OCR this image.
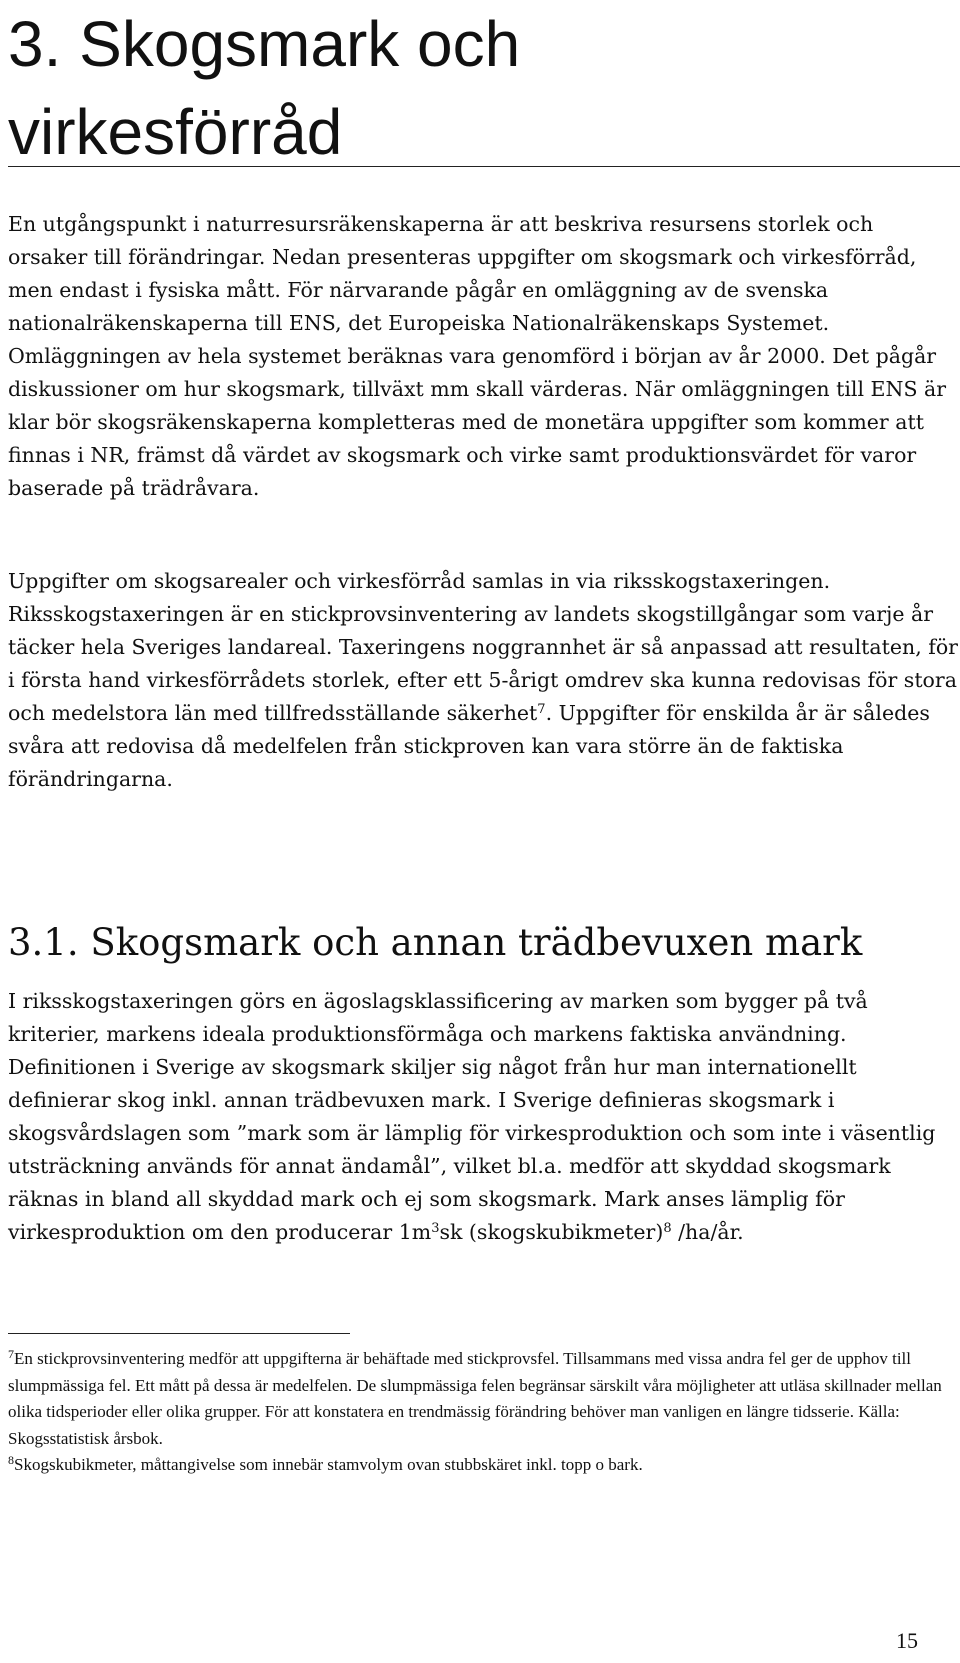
3. Skogsmark och
virkesförråd

En utgångspunkt i naturresursräkenskaperna är att beskriva resursens storlek och orsaker till förändringar. Nedan presenteras uppgifter om skogsmark och virkesförråd, men endast i fysiska mått. För närvarande pågår en omläggning av de svenska nationalräkenskaperna till ENS, det Europeiska Nationalräkenskaps Systemet. Omläggningen av hela systemet beräknas vara genomförd i början av år 2000. Det pågår diskussioner om hur skogsmark, tillväxt mm skall värderas. När omläggningen till ENS är klar bör skogsräkenskaperna kompletteras med de monetära uppgifter som kommer att finnas i NR, främst då värdet av skogsmark och virke samt produktionsvärdet för varor baserade på trädråvara.

Uppgifter om skogsarealer och virkesförråd samlas in via riksskogstaxeringen. Riksskogstaxeringen är en stickprovsinventering av landets skogstillgångar som varje år täcker hela Sveriges landareal. Taxeringens noggrannhet är så anpassad att resultaten, för i första hand virkesförrådets storlek, efter ett 5-årigt omdrev ska kunna redovisas för stora och medelstora län med tillfredsställande säkerhet$^7$. Uppgifter för enskilda år är således svåra att redovisa då medelfelen från stickproven kan vara större än de faktiska förändringarna.

3.1. Skogsmark och annan trädbevuxen mark

I riksskogstaxeringen görs en ägoslagsklassificering av marken som bygger på två kriterier, markens ideala produktionsförmåga och markens faktiska användning. Definitionen i Sverige av skogsmark skiljer sig något från hur man internationellt definierar skog inkl. annan trädbevuxen mark. I Sverige definieras skogsmark i skogsvårdslagen som ”mark som är lämplig för virkesproduktion och som inte i väsentlig utsträckning används för annat ändamål”, vilket bl.a. medför att skyddad skogsmark räknas in bland all skyddad mark och ej som skogsmark. Mark anses lämplig för virkesproduktion om den producerar 1m$^3$sk (skogskubikmeter)$^8$ /ha/år.

$^7$En stickprovsinventering medför att uppgifterna är behäftade med stickprovsfel. Tillsammans med vissa andra fel ger de upphov till slumpmässiga fel. Ett mått på dessa är medelfelen. De slumpmässiga felen begränsar särskilt våra möjligheter att utläsa skillnader mellan olika tidsperioder eller olika grupper. För att konstatera en trendmässig förändring behöver man vanligen en längre tidsserie. Källa: Skogsstatistisk årsbok.

$^8$Skogskubikmeter, måttangivelse som innebär stamvolym ovan stubbskäret inkl. topp o bark.

15
